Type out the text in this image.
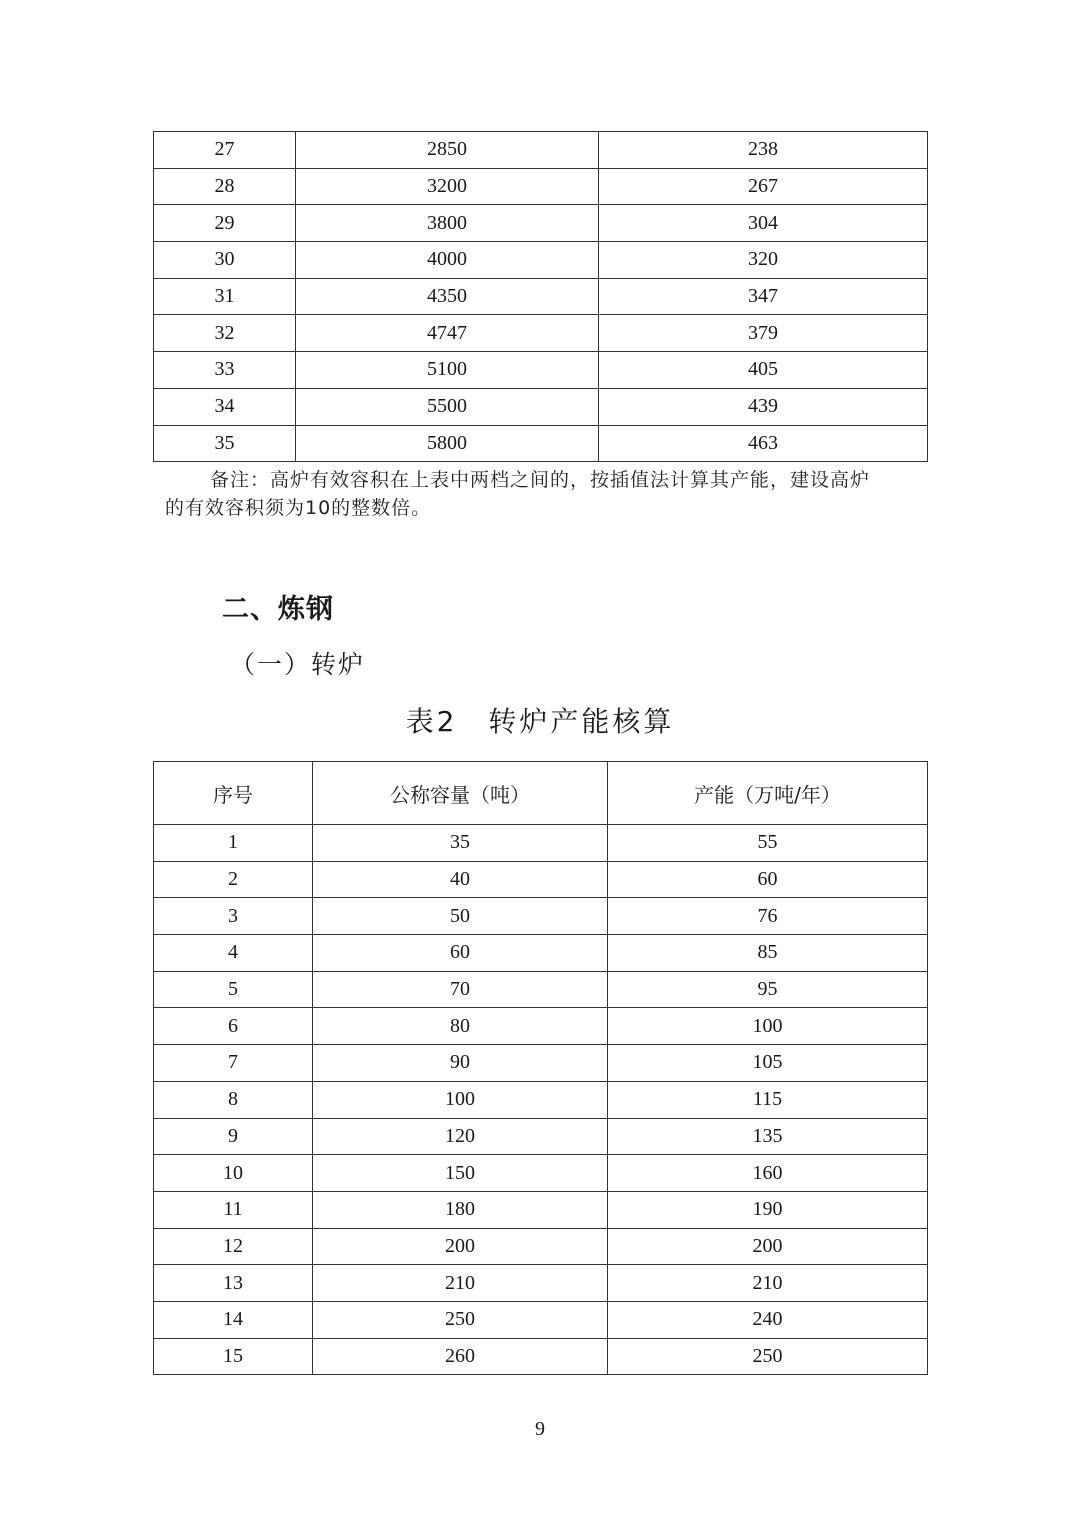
27	2850	238
28	3200	267
29	3800	304
30	4000	320
31	4350	347
32	4747	379
33	5100	405
34	5500	439
35	5800	463
备注：高炉有效容积在上表中两档之间的，按插值法计算其产能，建设高炉
的有效容积须为10的整数倍。
二、炼钢
（一）转炉
表2　转炉产能核算
序号	公称容量（吨）	产能（万吨/年）
1	35	55
2	40	60
3	50	76
4	60	85
5	70	95
6	80	100
7	90	105
8	100	115
9	120	135
10	150	160
11	180	190
12	200	200
13	210	210
14	250	240
15	260	250
9
